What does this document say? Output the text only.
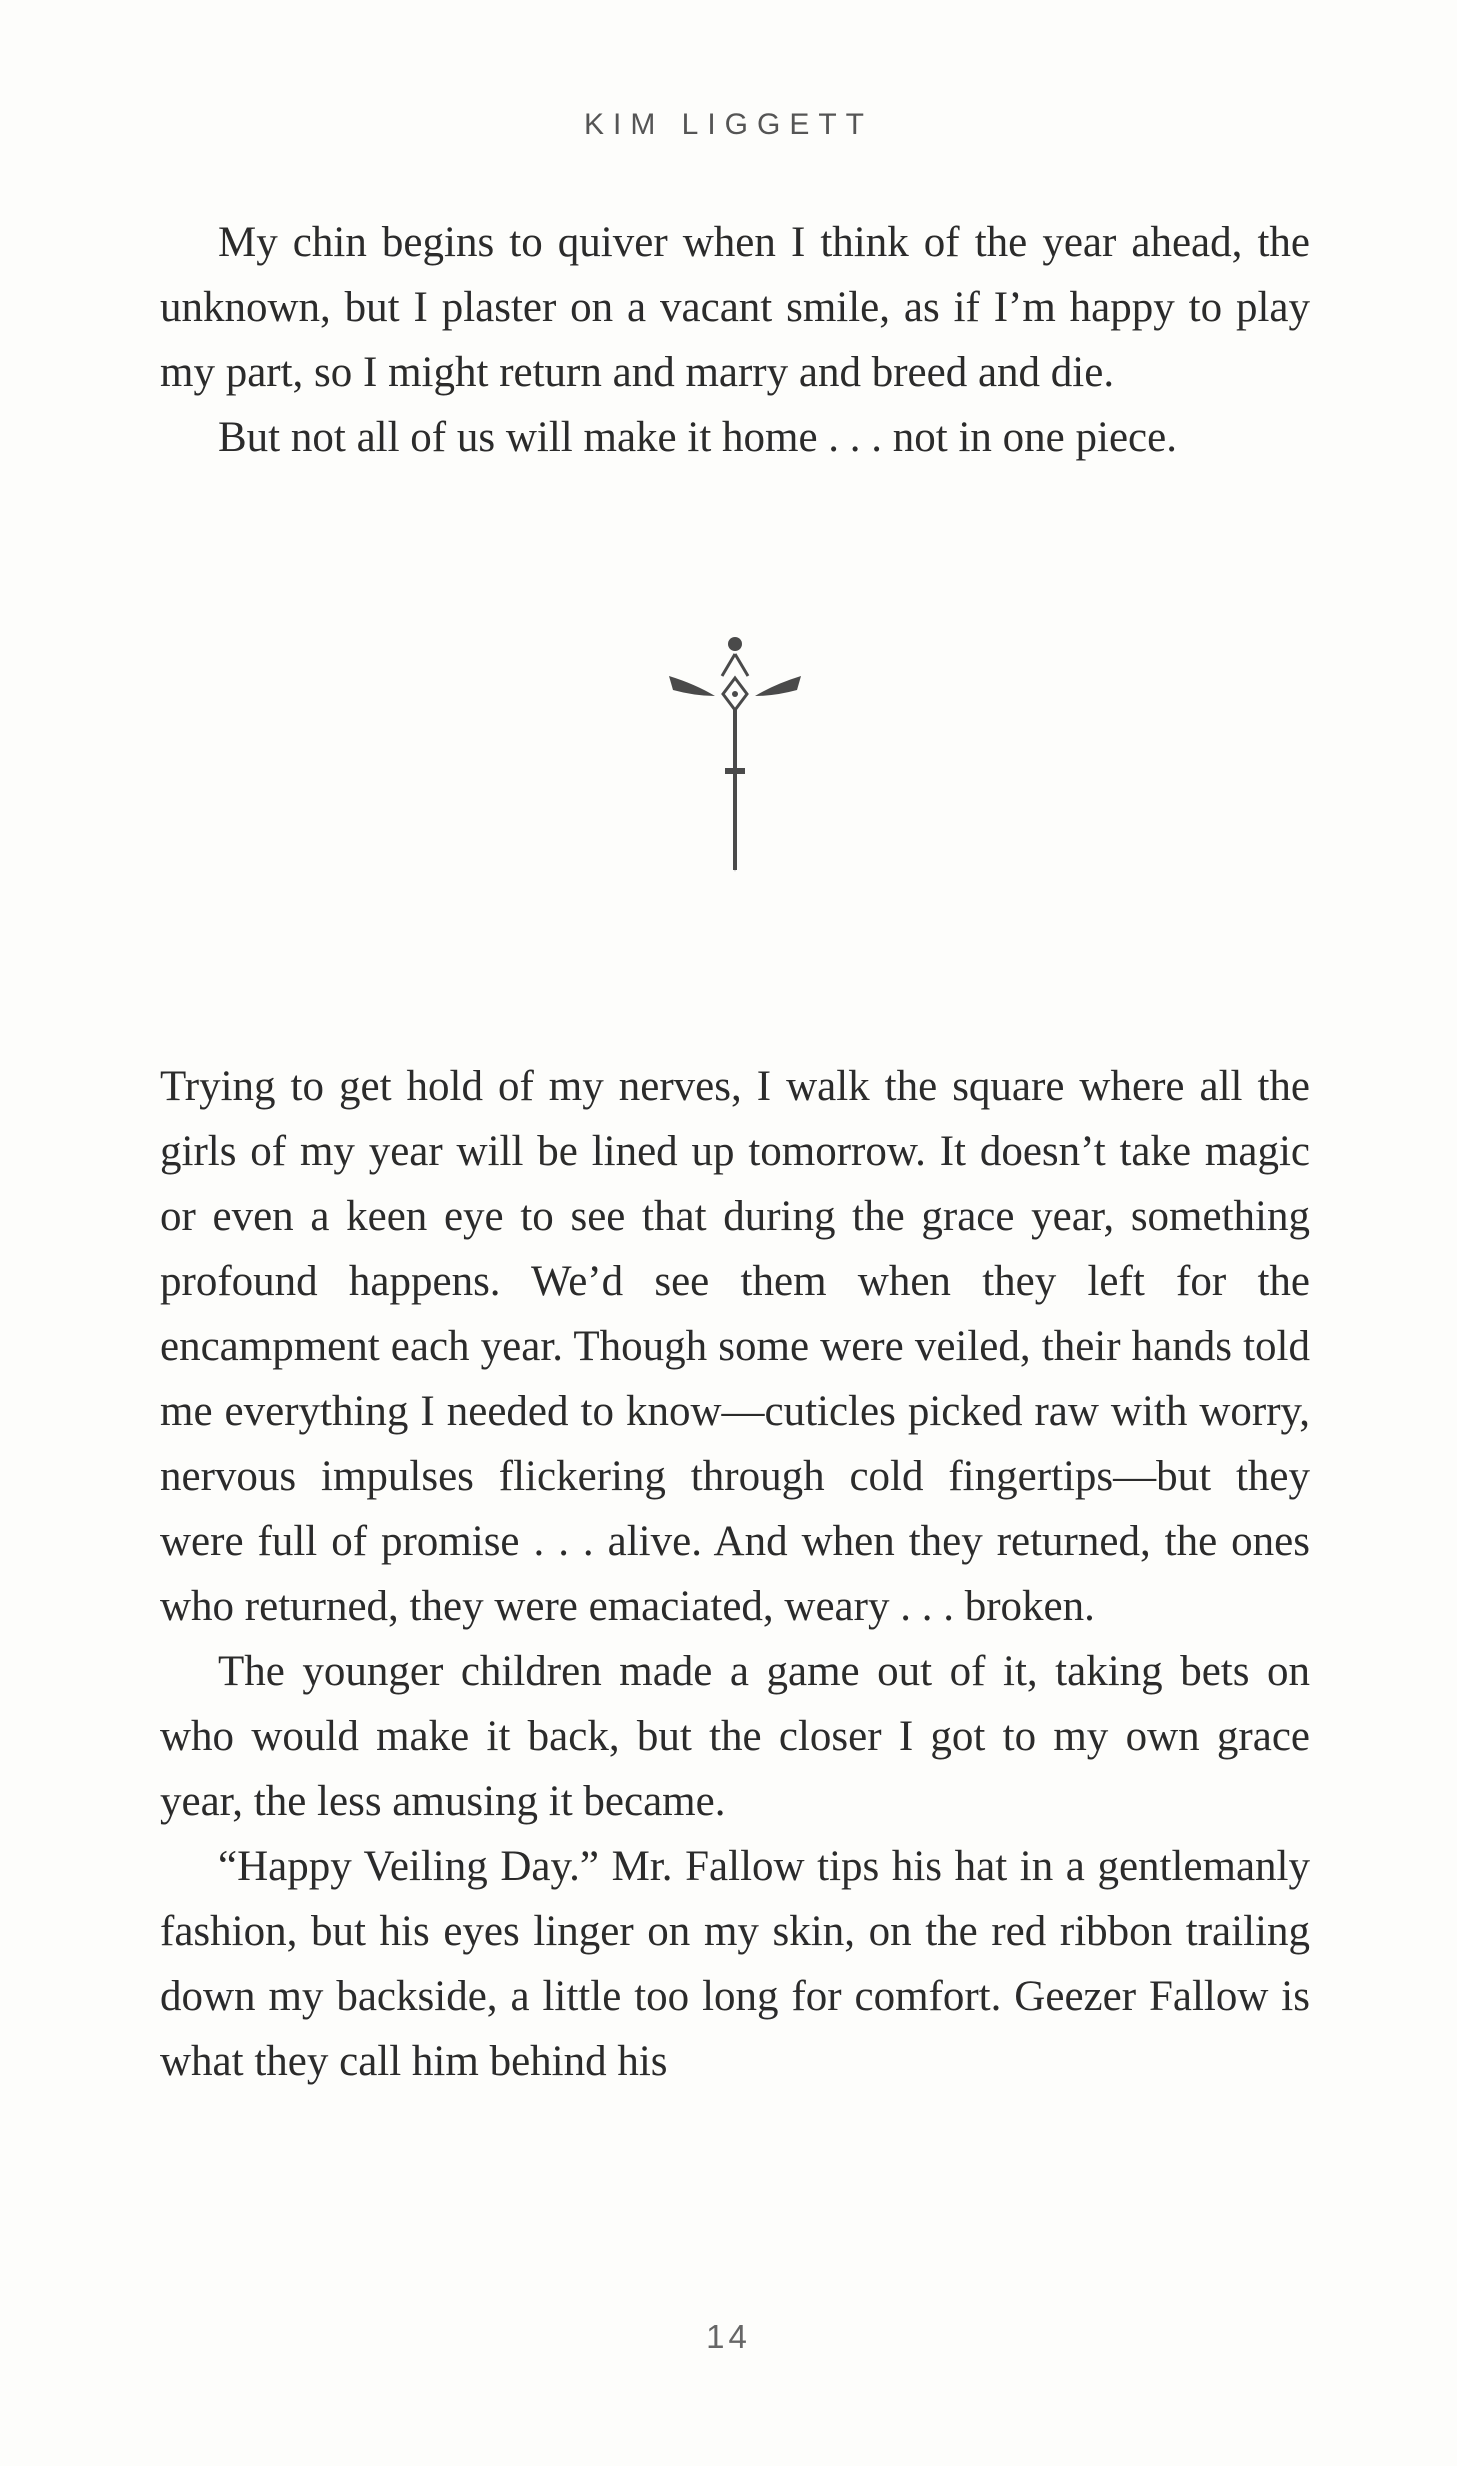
KIM LIGGETT

My chin begins to quiver when I think of the year ahead, the unknown, but I plaster on a vacant smile, as if I’m happy to play my part, so I might return and marry and breed and die.

But not all of us will make it home . . . not in one piece.

Trying to get hold of my nerves, I walk the square where all the girls of my year will be lined up tomorrow. It doesn’t take magic or even a keen eye to see that during the grace year, something profound happens. We’d see them when they left for the encampment each year. Though some were veiled, their hands told me everything I needed to know—cuticles picked raw with worry, nervous impulses flickering through cold fingertips—but they were full of promise . . . alive. And when they returned, the ones who returned, they were emaciated, weary . . . broken.

The younger children made a game out of it, taking bets on who would make it back, but the closer I got to my own grace year, the less amusing it became.

“Happy Veiling Day.” Mr. Fallow tips his hat in a gentlemanly fashion, but his eyes linger on my skin, on the red ribbon trailing down my backside, a little too long for comfort. Geezer Fallow is what they call him behind his

14
